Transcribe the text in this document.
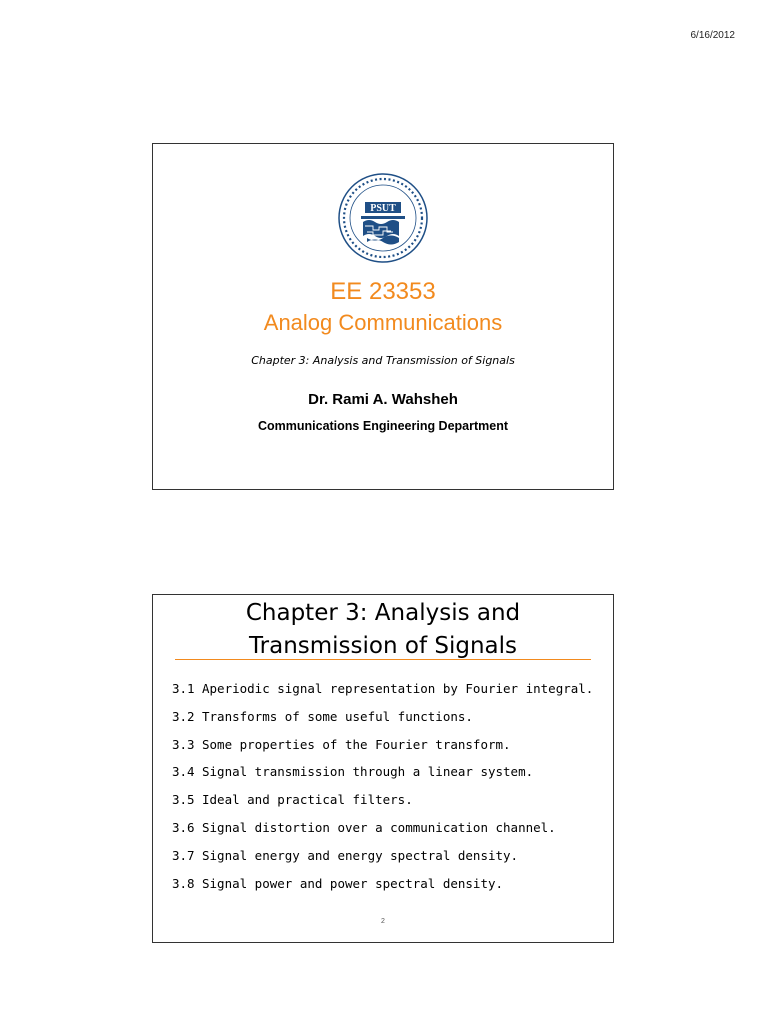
6/16/2012
PSUT
EE 23353
Analog Communications
Chapter 3: Analysis and Transmission of Signals
Dr. Rami A. Wahsheh
Communications Engineering Department
Chapter 3: Analysis and
Transmission of Signals
3.1 Aperiodic signal representation by Fourier integral.
3.2 Transforms of some useful functions.
3.3 Some properties of the Fourier transform.
3.4 Signal transmission through a linear system.
3.5 Ideal and practical filters.
3.6 Signal distortion over a communication channel.
3.7 Signal energy and energy spectral density.
3.8 Signal power and power spectral density.
2
